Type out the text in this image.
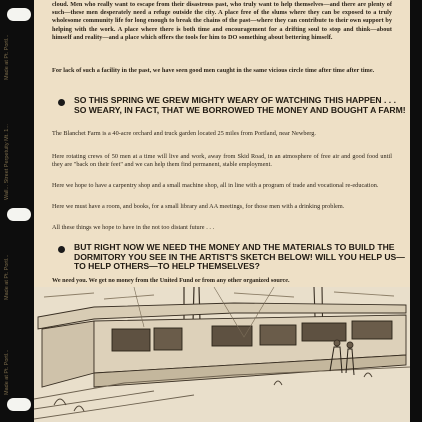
Made at Pt. Portl...
Wall... Street Perpetuity Mt. 1...
Made at Pt. Portl...
Made at Pt. Portl...

cloud. Men who really want to escape from their disastrous past, who truly want to help themselves—and there are plenty of such—these men desperately need a refuge outside the city. A place free of the slums where they can be exposed to a truly wholesome community life for long enough to break the chains of the past—where they can contribute to their own support by helping with the work. A place where there is both time and encouragement for a drifting soul to stop and think—about himself and reality—and a place which offers the tools for him to DO something about bettering himself.

For lack of such a facility in the past, we have seen good men caught in the same vicious circle time after time after time.

SO THIS SPRING WE GREW MIGHTY WEARY OF WATCHING THIS HAPPEN . . . SO WEARY, IN FACT, THAT WE BORROWED THE MONEY AND BOUGHT A FARM!

The Blanchet Farm is a 40-acre orchard and truck garden located 25 miles from Portland, near Newberg.

Here rotating crews of 50 men at a time will live and work, away from Skid Road, in an atmosphere of free air and good food until they are "back on their feet" and we can help them find permanent, stable employment.

Here we hope to have a carpentry shop and a small machine shop, all in line with a program of trade and vocational re-education.

Here we must have a room, and books, for a small library and AA meetings, for those men with a drinking problem.

All these things we hope to have in the not too distant future . . .

BUT RIGHT NOW WE NEED THE MONEY AND THE MATERIALS TO BUILD THE DORMITORY YOU SEE IN THE ARTIST'S SKETCH BELOW! WILL YOU HELP US—TO HELP OTHERS—TO HELP THEMSELVES?

We need you. We get no money from the United Fund or from any other organized source.
